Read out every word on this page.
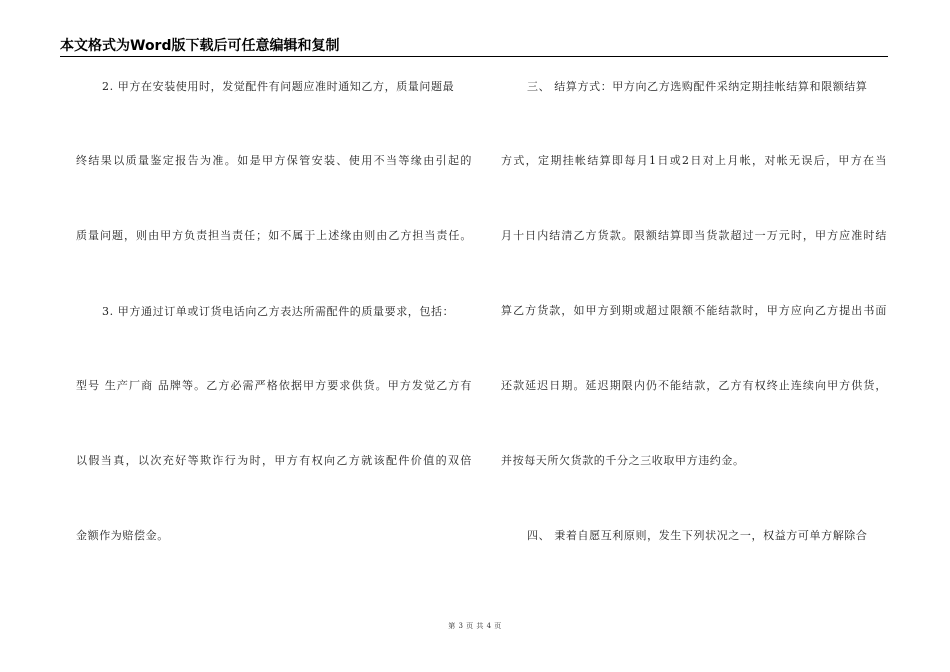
本文格式为Word版下载后可任意编辑和复制
2. 甲方在安装使用时，发觉配件有问题应准时通知乙方，质量问题最
终结果以质量鉴定报告为准。如是甲方保管安装、使用不当等缘由引起的
质量问题，则由甲方负责担当责任；如不属于上述缘由则由乙方担当责任。
3. 甲方通过订单或订货电话向乙方表达所需配件的质量要求，包括：
型号 生产厂商 品牌等。乙方必需严格依据甲方要求供货。甲方发觉乙方有
以假当真，以次充好等欺诈行为时，甲方有权向乙方就该配件价值的双倍
金额作为赔偿金。
三、 结算方式：甲方向乙方选购配件采纳定期挂帐结算和限额结算
方式，定期挂帐结算即每月1日或2日对上月帐，对帐无误后，甲方在当
月十日内结清乙方货款。限额结算即当货款超过一万元时，甲方应准时结
算乙方货款，如甲方到期或超过限额不能结款时，甲方应向乙方提出书面
还款延迟日期。延迟期限内仍不能结款，乙方有权终止连续向甲方供货，
并按每天所欠货款的千分之三收取甲方违约金。
四、 秉着自愿互利原则，发生下列状况之一，权益方可单方解除合
第 3 页 共 4 页
